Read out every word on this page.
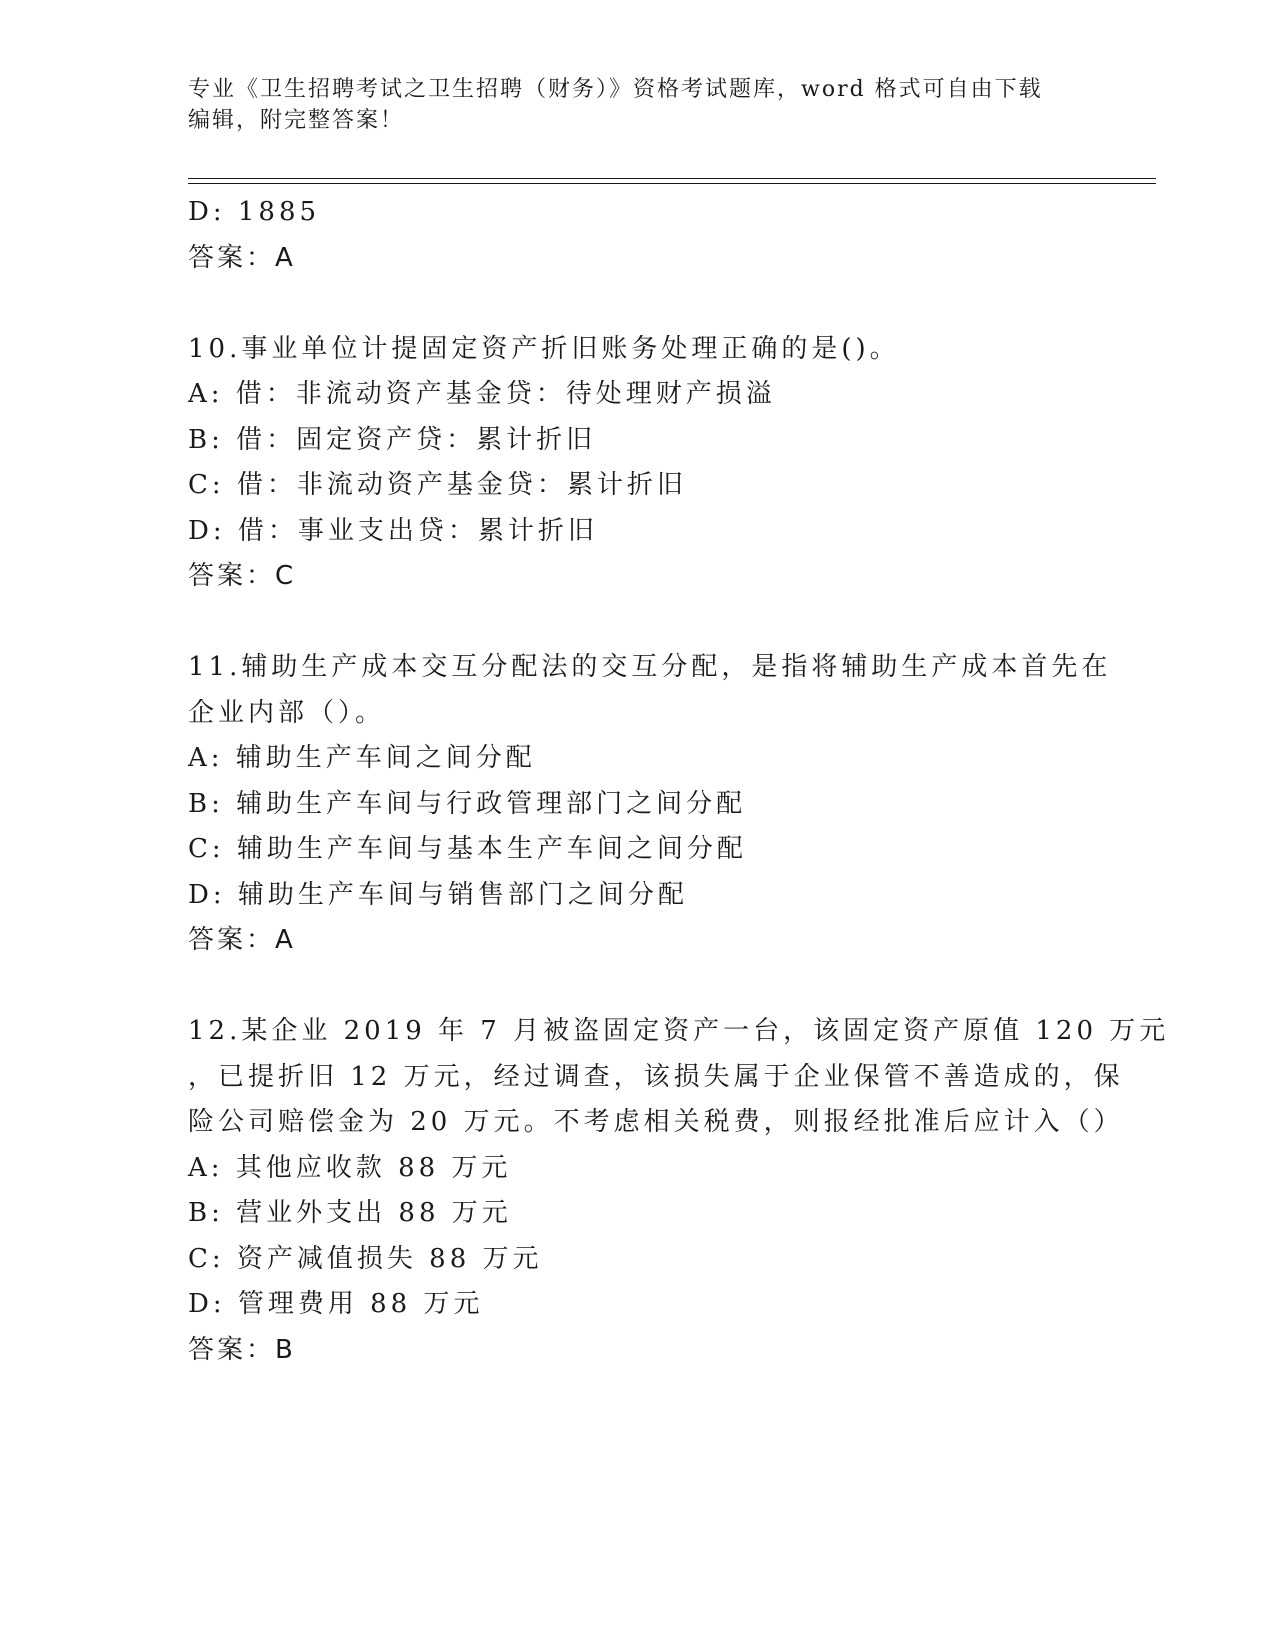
专业《卫生招聘考试之卫生招聘（财务）》资格考试题库，word 格式可自由下载
编辑，附完整答案！
D: 1885
答案：A
10.事业单位计提固定资产折旧账务处理正确的是()。
A: 借：非流动资产基金贷：待处理财产损溢
B: 借：固定资产贷：累计折旧
C: 借：非流动资产基金贷：累计折旧
D: 借：事业支出贷：累计折旧
答案：C
11.辅助生产成本交互分配法的交互分配，是指将辅助生产成本首先在
企业内部（）。
A: 辅助生产车间之间分配
B: 辅助生产车间与行政管理部门之间分配
C: 辅助生产车间与基本生产车间之间分配
D: 辅助生产车间与销售部门之间分配
答案：A
12.某企业 2019 年 7 月被盗固定资产一台，该固定资产原值 120 万元
，已提折旧 12 万元，经过调查，该损失属于企业保管不善造成的，保
险公司赔偿金为 20 万元。不考虑相关税费，则报经批准后应计入（）
A: 其他应收款 88 万元
B: 营业外支出 88 万元
C: 资产减值损失 88 万元
D: 管理费用 88 万元
答案：B
